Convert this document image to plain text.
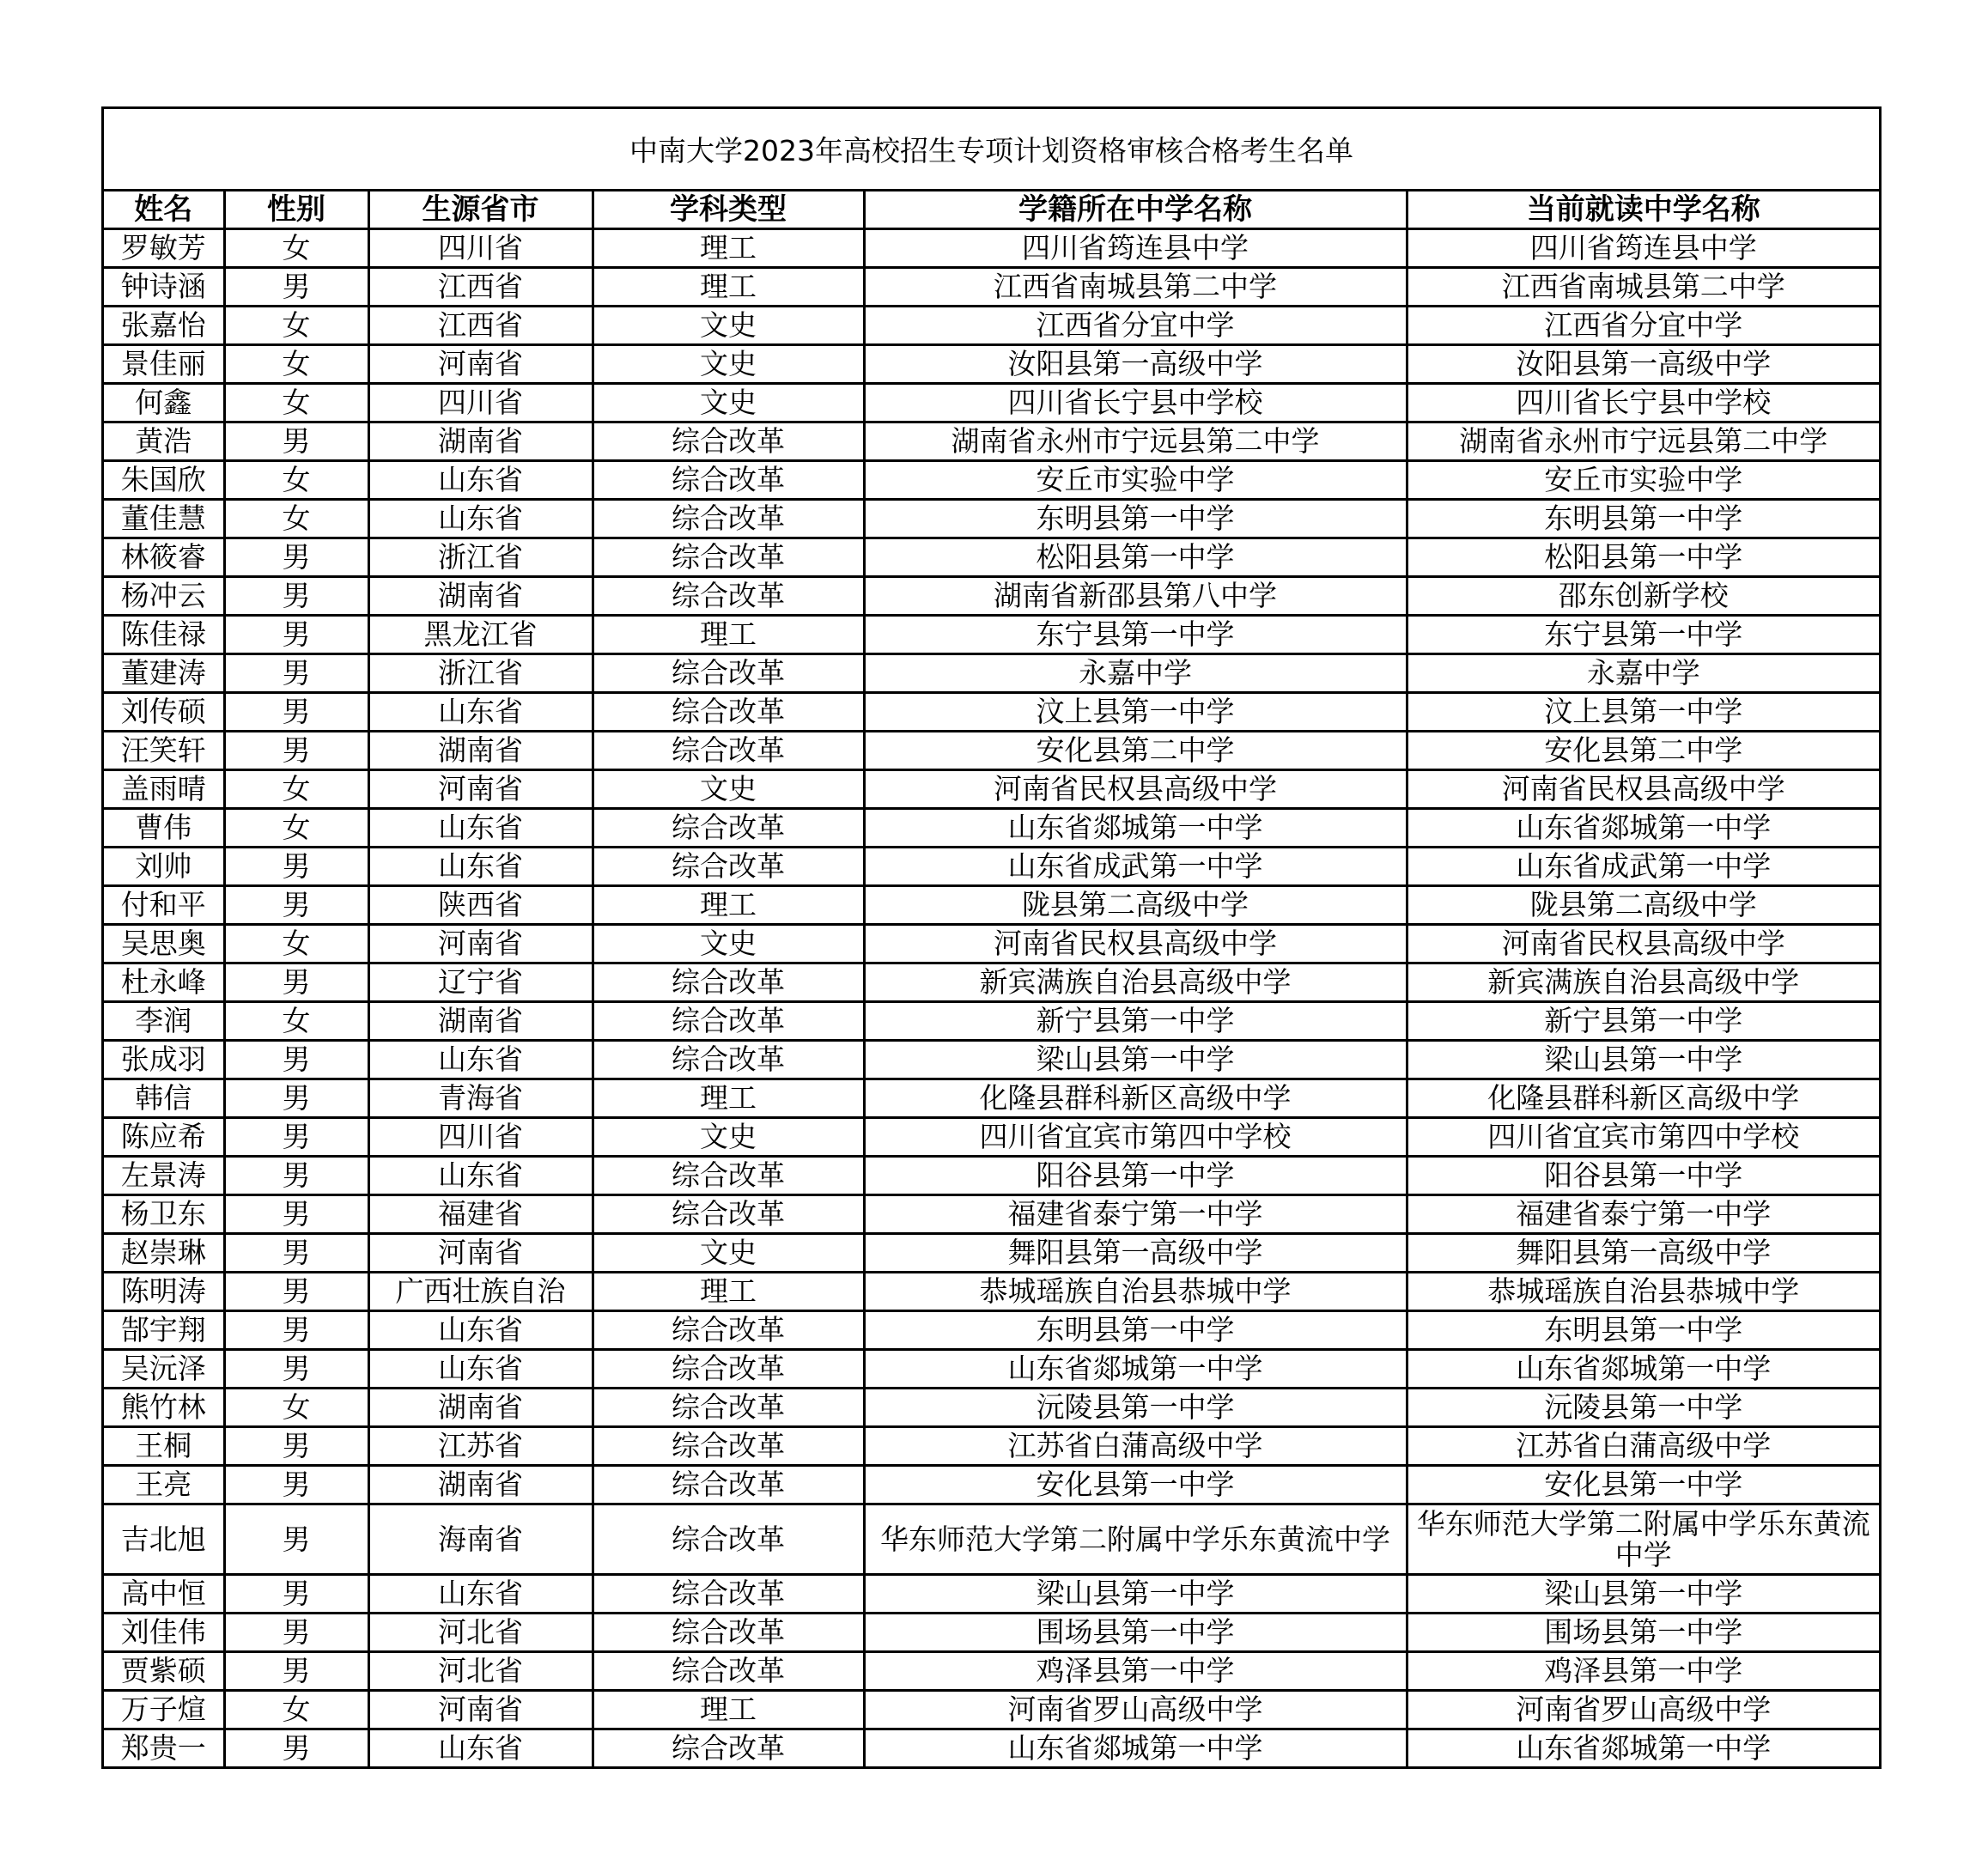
中南大学2023年高校招生专项计划资格审核合格考生名单
姓名	性别	生源省市	学科类型	学籍所在中学名称	当前就读中学名称
罗敏芳	女	四川省	理工	四川省筠连县中学	四川省筠连县中学
钟诗涵	男	江西省	理工	江西省南城县第二中学	江西省南城县第二中学
张嘉怡	女	江西省	文史	江西省分宜中学	江西省分宜中学
景佳丽	女	河南省	文史	汝阳县第一高级中学	汝阳县第一高级中学
何鑫	女	四川省	文史	四川省长宁县中学校	四川省长宁县中学校
黄浩	男	湖南省	综合改革	湖南省永州市宁远县第二中学	湖南省永州市宁远县第二中学
朱国欣	女	山东省	综合改革	安丘市实验中学	安丘市实验中学
董佳慧	女	山东省	综合改革	东明县第一中学	东明县第一中学
林筱睿	男	浙江省	综合改革	松阳县第一中学	松阳县第一中学
杨冲云	男	湖南省	综合改革	湖南省新邵县第八中学	邵东创新学校
陈佳禄	男	黑龙江省	理工	东宁县第一中学	东宁县第一中学
董建涛	男	浙江省	综合改革	永嘉中学	永嘉中学
刘传硕	男	山东省	综合改革	汶上县第一中学	汶上县第一中学
汪笑轩	男	湖南省	综合改革	安化县第二中学	安化县第二中学
盖雨晴	女	河南省	文史	河南省民权县高级中学	河南省民权县高级中学
曹伟	女	山东省	综合改革	山东省郯城第一中学	山东省郯城第一中学
刘帅	男	山东省	综合改革	山东省成武第一中学	山东省成武第一中学
付和平	男	陕西省	理工	陇县第二高级中学	陇县第二高级中学
吴思奥	女	河南省	文史	河南省民权县高级中学	河南省民权县高级中学
杜永峰	男	辽宁省	综合改革	新宾满族自治县高级中学	新宾满族自治县高级中学
李润	女	湖南省	综合改革	新宁县第一中学	新宁县第一中学
张成羽	男	山东省	综合改革	梁山县第一中学	梁山县第一中学
韩信	男	青海省	理工	化隆县群科新区高级中学	化隆县群科新区高级中学
陈应希	男	四川省	文史	四川省宜宾市第四中学校	四川省宜宾市第四中学校
左景涛	男	山东省	综合改革	阳谷县第一中学	阳谷县第一中学
杨卫东	男	福建省	综合改革	福建省泰宁第一中学	福建省泰宁第一中学
赵崇琳	男	河南省	文史	舞阳县第一高级中学	舞阳县第一高级中学
陈明涛	男	广西壮族自治	理工	恭城瑶族自治县恭城中学	恭城瑶族自治县恭城中学
郜宇翔	男	山东省	综合改革	东明县第一中学	东明县第一中学
吴沅泽	男	山东省	综合改革	山东省郯城第一中学	山东省郯城第一中学
熊竹林	女	湖南省	综合改革	沅陵县第一中学	沅陵县第一中学
王桐	男	江苏省	综合改革	江苏省白蒲高级中学	江苏省白蒲高级中学
王亮	男	湖南省	综合改革	安化县第一中学	安化县第一中学
吉北旭	男	海南省	综合改革	华东师范大学第二附属中学乐东黄流中学	华东师范大学第二附属中学乐东黄流中学
高中恒	男	山东省	综合改革	梁山县第一中学	梁山县第一中学
刘佳伟	男	河北省	综合改革	围场县第一中学	围场县第一中学
贾紫硕	男	河北省	综合改革	鸡泽县第一中学	鸡泽县第一中学
万子煊	女	河南省	理工	河南省罗山高级中学	河南省罗山高级中学
郑贵一	男	山东省	综合改革	山东省郯城第一中学	山东省郯城第一中学
